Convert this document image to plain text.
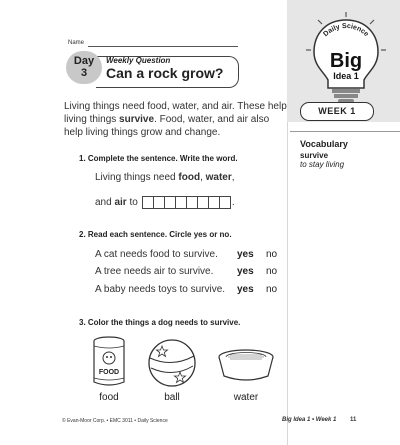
Daily Science
Big
Idea 1
WEEK 1
Vocabulary
survive
to stay living
Name
Day
3
Weekly Question
Can a rock grow?
Living things need food, water, and air. These help living things survive. Food, water, and air also help living things grow and change.
1. Complete the sentence. Write the word.
Living things need food, water,
and air to	.
2. Read each sentence. Circle yes or no.
A cat needs food to survive. yes no
A tree needs air to survive. yes no
A baby needs toys to survive. yes no
3. Color the things a dog needs to survive.
FOOD
food	ball	water
© Evan-Moor Corp. • EMC 3011 • Daily Science	Big Idea 1 • Week 1 11
